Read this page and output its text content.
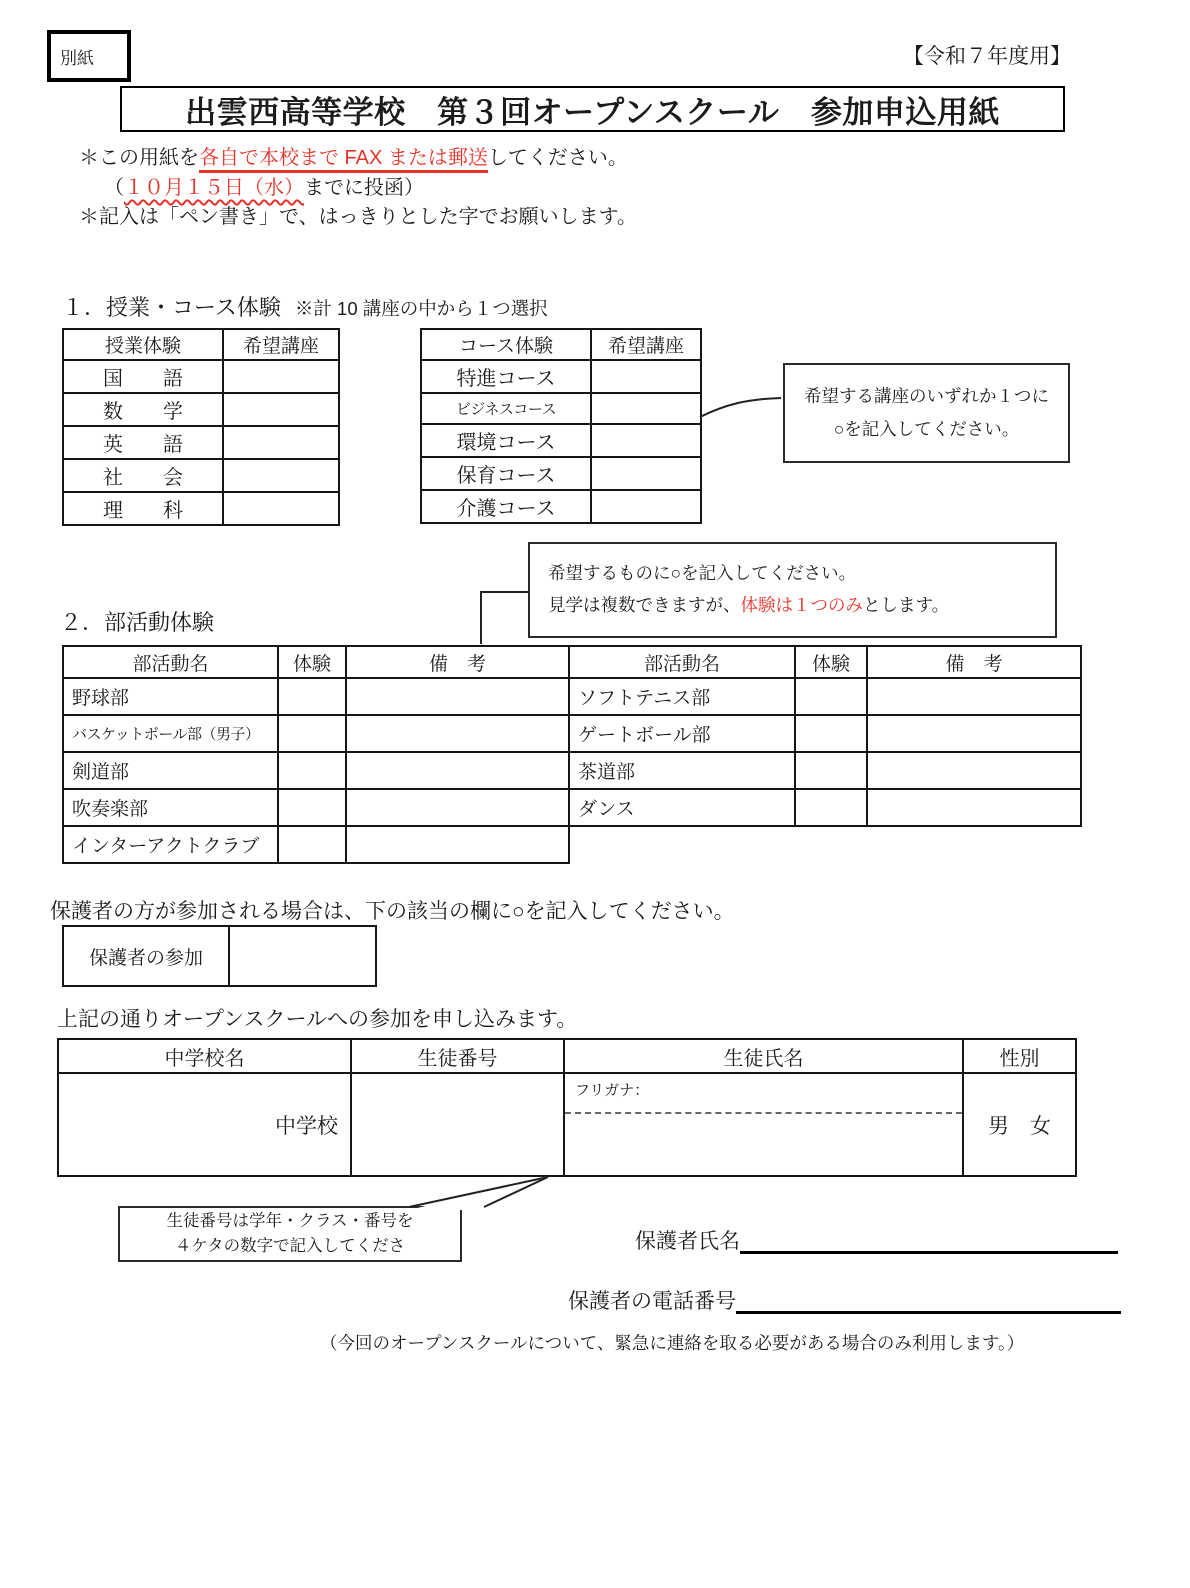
別紙	【令和７年度用】
出雲西高等学校　第３回オープンスクール　参加申込用紙
＊この用紙を各自で本校まで FAX または郵送してください。
（１０月１５日（水）までに投函）
＊記入は「ペン書き」で、はっきりとした字でお願いします。
１．授業・コース体験 ※計 10 講座の中から１つ選択
授業体験	希望講座
国　　語	
数　　学	
英　　語	
社　　会	
理　　科	
コース体験	希望講座
特進コース	
ビジネスコース	
環境コース	
保育コース	
介護コース	
希望する講座のいずれか１つに
○を記入してください。
希望するものに○を記入してください。
見学は複数できますが、体験は１つのみとします。
２．部活動体験
部活動名	体験	備　考	部活動名	体験	備　考
野球部			ソフトテニス部		
バスケットボール部（男子）			ゲートボール部		
剣道部			茶道部		
吹奏楽部			ダンス		
インターアクトクラブ					
保護者の方が参加される場合は、下の該当の欄に○を記入してください。
保護者の参加	
上記の通りオープンスクールへの参加を申し込みます。
中学校名	生徒番号	生徒氏名	性別
中学校		フリガナ：	男　女
生徒番号は学年・クラス・番号を
４ケタの数字で記入してくださ	保護者氏名
保護者の電話番号
（今回のオープンスクールについて、緊急に連絡を取る必要がある場合のみ利用します。）
